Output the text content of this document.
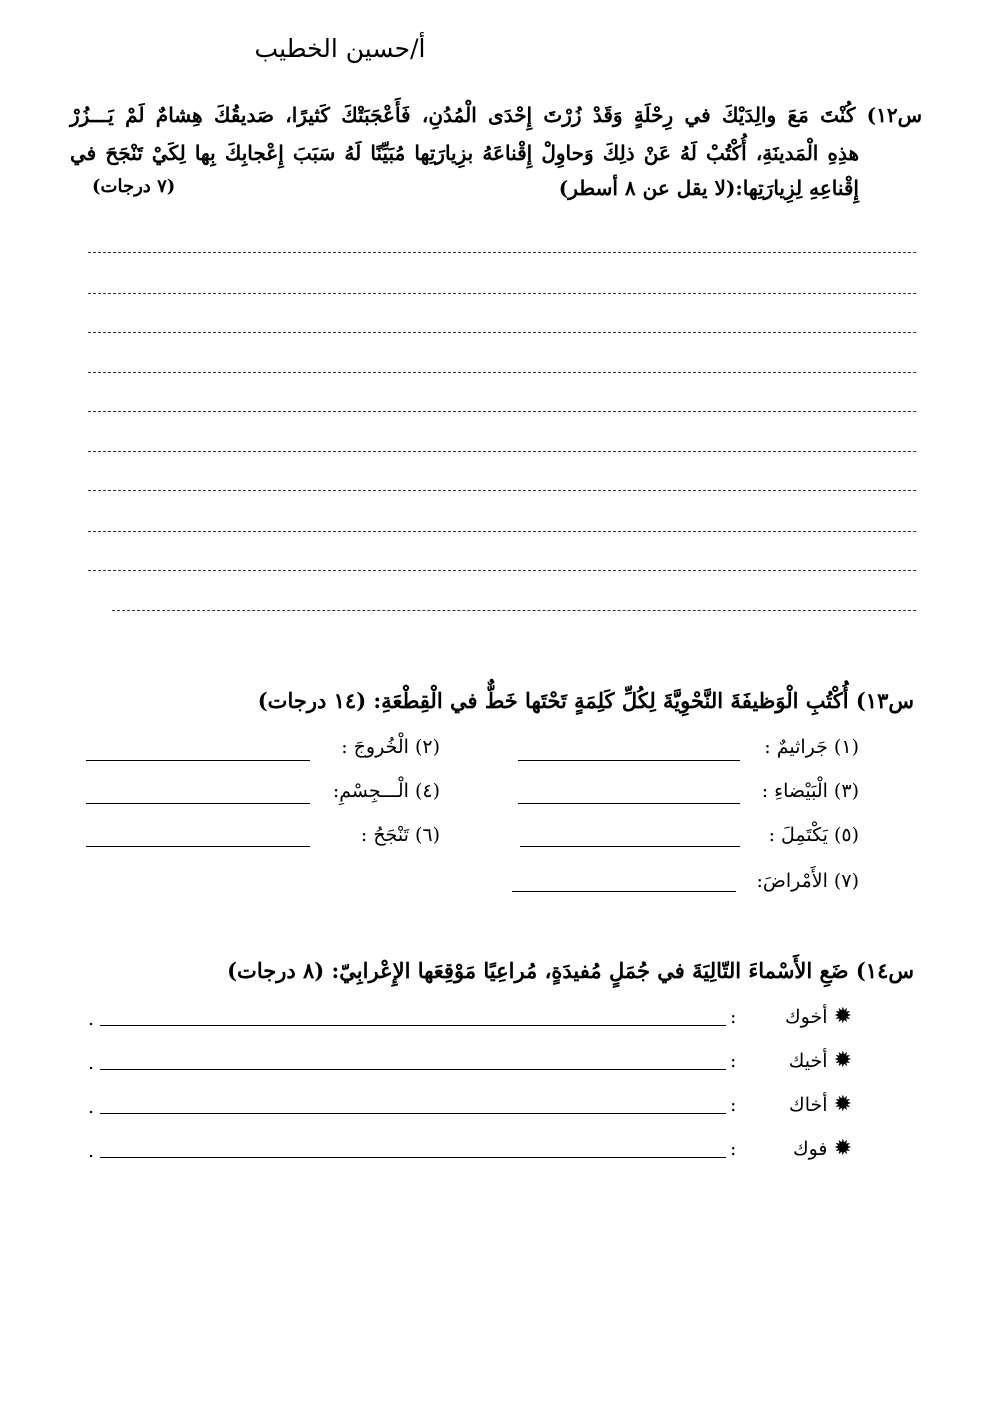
أ/حسين الخطيب
س١٢) كُنْتَ مَعَ والِدَيْكَ في رِحْلَةٍ وَقَدْ زُرْتَ إِحْدَى الْمُدُنِ، فَأَعْجَبَتْكَ كَثيرًا، صَديقُكَ هِشامٌ لَمْ يَـــزُرْ
هذِهِ الْمَدينَةِ، أُكْتُبْ لَهُ عَنْ ذلِكَ وَحاوِلْ إِقْناعَهُ بزِيارَتِها مُبَيِّنًا لَهُ سَبَبَ إِعْجابِكَ بِها لِكَيْ تَنْجَحَ في
إِقْناعِهِ لِزِيارَتِها:(لا يقل عن ٨ أسطر)
(٧ درجات)
س١٣) أُكْتُبِ الْوَظيفَةَ النَّحْوِيَّةَ لِكُلِّ كَلِمَةٍ تَحْتَها خَطٌّ في الْقِطْعَةِ: (١٤ درجات)
(١) جَراثيمٌ :
(٢) الْخُروجَ :
(٣) الْبَيْضاءِ :
(٤) الْـــجِسْمِ:
(٥) يَكْتَمِلَ :
(٦) تَنْجَحُ :
(٧) الأَمْراضَ:
س١٤) ضَعِ الأَسْماءَ التّالِيَةَ في جُمَلٍ مُفيدَةٍ، مُراعِيًا مَوْقِعَها الإِعْرابِيّ: (٨ درجات)
✹ أخوك
:
.
✹ أخيك
:
.
✹ أخاك
:
.
✹ فوك
:
.
